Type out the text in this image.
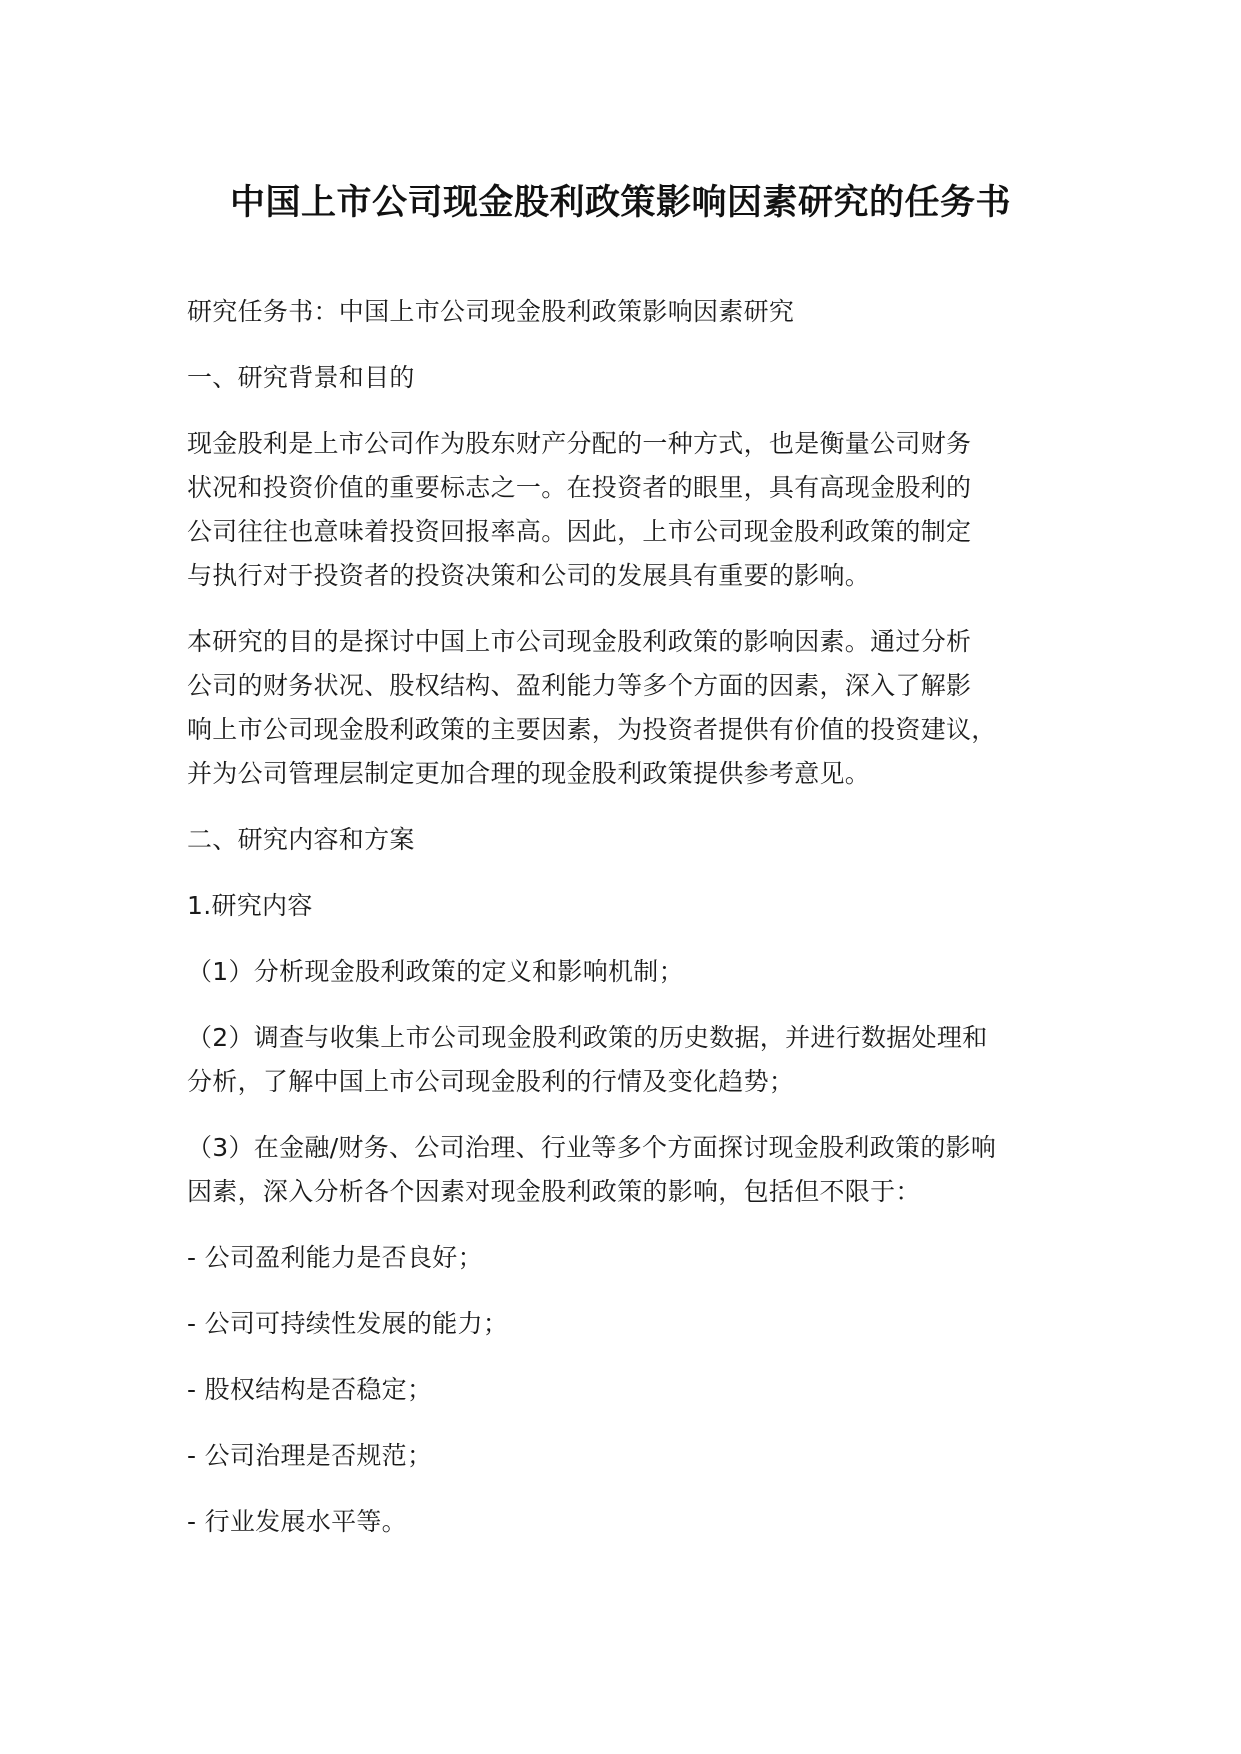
中国上市公司现金股利政策影响因素研究的任务书

研究任务书：中国上市公司现金股利政策影响因素研究

一、研究背景和目的

现金股利是上市公司作为股东财产分配的一种方式，也是衡量公司财务
状况和投资价值的重要标志之一。在投资者的眼里，具有高现金股利的
公司往往也意味着投资回报率高。因此，上市公司现金股利政策的制定
与执行对于投资者的投资决策和公司的发展具有重要的影响。

本研究的目的是探讨中国上市公司现金股利政策的影响因素。通过分析
公司的财务状况、股权结构、盈利能力等多个方面的因素，深入了解影
响上市公司现金股利政策的主要因素，为投资者提供有价值的投资建议，
并为公司管理层制定更加合理的现金股利政策提供参考意见。

二、研究内容和方案

1.研究内容

（1）分析现金股利政策的定义和影响机制；

（2）调查与收集上市公司现金股利政策的历史数据，并进行数据处理和
分析，了解中国上市公司现金股利的行情及变化趋势；

（3）在金融/财务、公司治理、行业等多个方面探讨现金股利政策的影响
因素，深入分析各个因素对现金股利政策的影响，包括但不限于：

- 公司盈利能力是否良好；

- 公司可持续性发展的能力；

- 股权结构是否稳定；

- 公司治理是否规范；

- 行业发展水平等。
